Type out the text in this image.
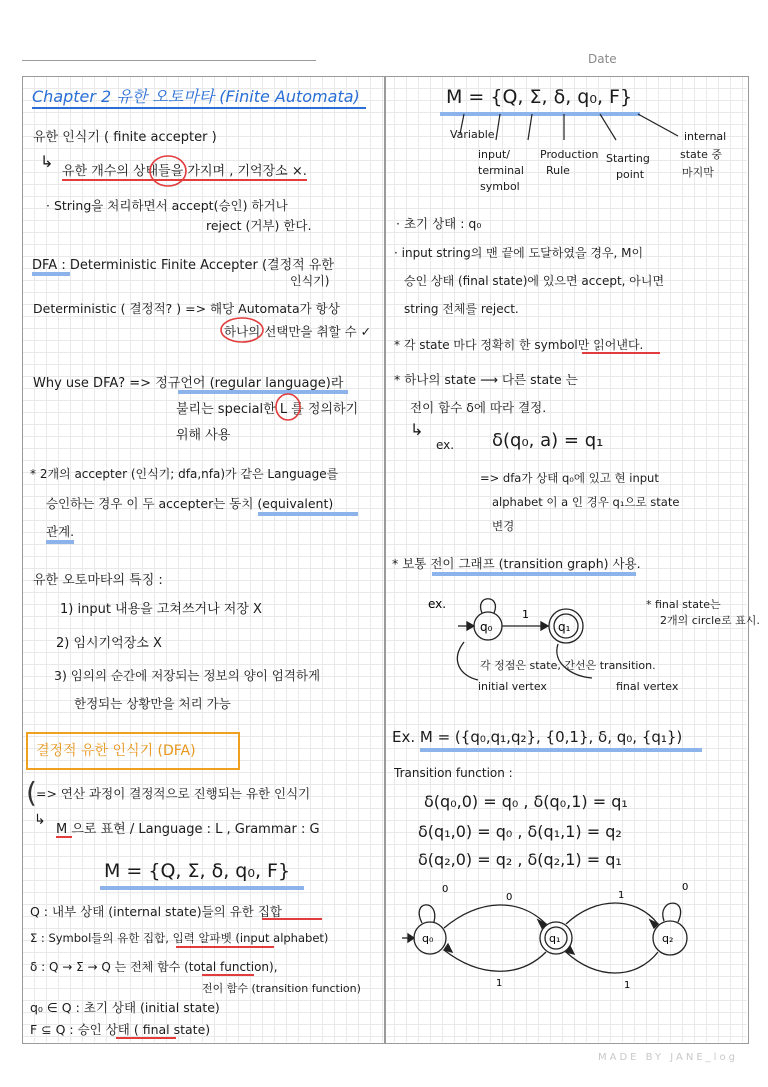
Date
Chapter 2 유한 오토마타 (Finite Automata)
유한 인식기 ( finite accepter )
↳
유한 개수의 상태들을 가지며 , 기억장소 ×.
· String을 처리하면서 accept(승인) 하거나
reject (거부) 한다.
DFA : Deterministic Finite Accepter (결정적 유한
인식기)
Deterministic ( 결정적? ) => 해당 Automata가 항상
하나의 선택만을 취할 수 ✓
Why use DFA? => 정규언어 (regular language)라
불리는 special한 L 를 정의하기
위해 사용
* 2개의 accepter (인식기; dfa,nfa)가 같은 Language를
승인하는 경우 이 두 accepter는 동치 (equivalent)
관계.
유한 오토마타의 특징 :
1) input 내용을 고쳐쓰거나 저장 X
2) 임시기억장소 X
3) 임의의 순간에 저장되는 정보의 양이 엄격하게
한정되는 상황만을 처리 가능
결정적 유한 인식기 (DFA)
( => 연산 과정이 결정적으로 진행되는 유한 인식기
↳
M 으로 표현 / Language : L , Grammar : G
M = {Q, Σ, δ, q₀, F}
Q : 내부 상태 (internal state)들의 유한 집합
Σ : Symbol들의 유한 집합, 입력 알파벳 (input alphabet)
δ : Q → Σ → Q 는 전체 함수 (total function),
전이 함수 (transition function)
q₀ ∈ Q : 초기 상태 (initial state)
F ⊆ Q : 승인 상태 ( final state)
M = {Q, Σ, δ, q₀, F}
Variable
input/
terminal
symbol
Production
Rule
Starting
point
internal
state 중
마지막
· 초기 상태 : q₀
· input string의 맨 끝에 도달하였을 경우, M이
승인 상태 (final state)에 있으면 accept, 아니면
string 전체를 reject.
* 각 state 마다 정확히 한 symbol만 읽어낸다.
* 하나의 state ⟶ 다른 state 는
전이 함수 δ에 따라 결정.
↳
ex. δ(q₀, a) = q₁
=> dfa가 상태 q₀에 있고 현 input
alphabet 이 a 인 경우 q₁으로 state
변경
* 보통 전이 그래프 (transition graph) 사용.
1
q₀	q₁
ex.	* final state는
2개의 circle로 표시.
각 정점은 state, 간선은 transition.
initial vertex	final vertex
Ex. M = ({q₀,q₁,q₂}, {0,1}, δ, q₀, {q₁})
Transition function :
δ(q₀,0) = q₀ , δ(q₀,1) = q₁
δ(q₁,0) = q₀ , δ(q₁,1) = q₂
δ(q₂,0) = q₂ , δ(q₂,1) = q₁
q₀	q₁	q₂
0
0	1
0
1	1
MADE BY JANE_log
